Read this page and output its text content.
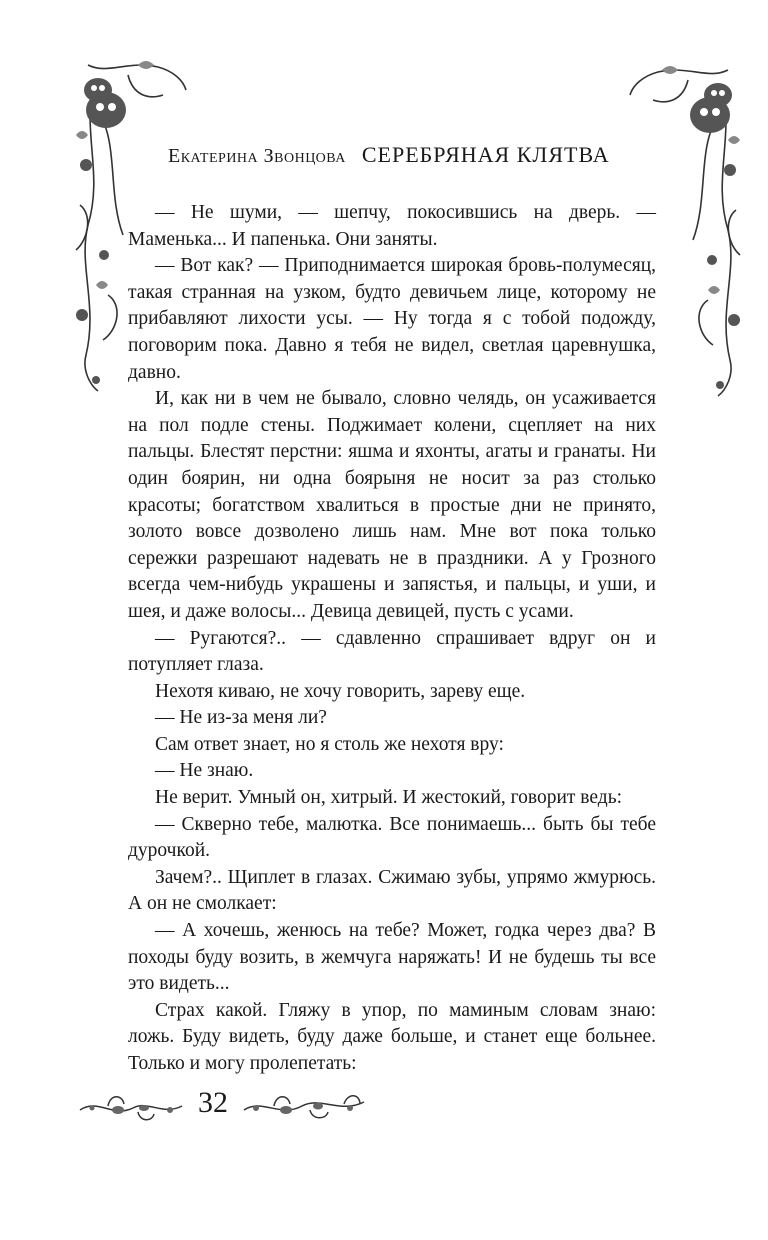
Екатерина Звонцова СЕРЕБРЯНАЯ КЛЯТВА

— Не шуми, — шепчу, покосившись на дверь. — Маменька... И папенька. Они заняты.

— Вот как? — Приподнимается широкая бровь-полумесяц, такая странная на узком, будто девичьем лице, которому не прибавляют лихости усы. — Ну тогда я с тобой подожду, поговорим пока. Давно я тебя не видел, светлая царевнушка, давно.

И, как ни в чем не бывало, словно челядь, он усаживается на пол подле стены. Поджимает колени, сцепляет на них пальцы. Блестят перстни: яшма и яхонты, агаты и гранаты. Ни один боярин, ни одна боярыня не носит за раз столько красоты; богатством хвалиться в простые дни не принято, золото вовсе дозволено лишь нам. Мне вот пока только сережки разрешают надевать не в праздники. А у Грозного всегда чем-нибудь украшены и запястья, и пальцы, и уши, и шея, и даже волосы... Девица девицей, пусть с усами.

— Ругаются?.. — сдавленно спрашивает вдруг он и потупляет глаза.

Нехотя киваю, не хочу говорить, зареву еще.

— Не из-за меня ли?

Сам ответ знает, но я столь же нехотя вру:

— Не знаю.

Не верит. Умный он, хитрый. И жестокий, говорит ведь:

— Скверно тебе, малютка. Все понимаешь... быть бы тебе дурочкой.

Зачем?.. Щиплет в глазах. Сжимаю зубы, упрямо жмурюсь. А он не смолкает:

— А хочешь, женюсь на тебе? Может, годка через два? В походы буду возить, в жемчуга наряжать! И не будешь ты все это видеть...

Страх какой. Гляжу в упор, по маминым словам знаю: ложь. Буду видеть, буду даже больше, и станет еще больнее. Только и могу пролепетать:

32
